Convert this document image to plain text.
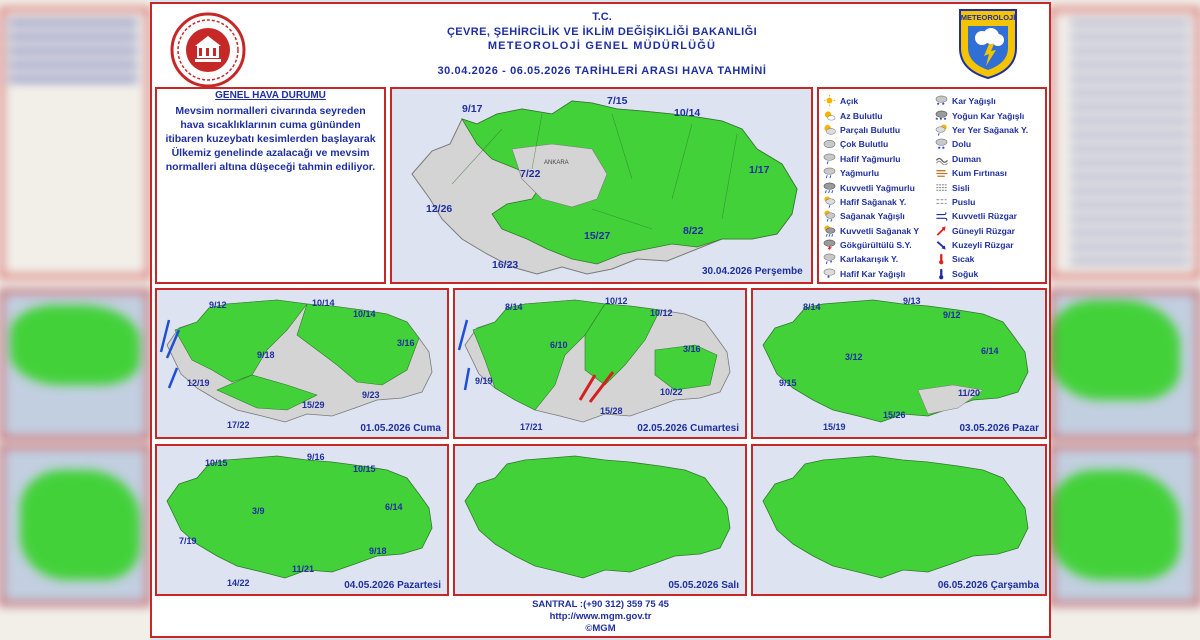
T.C.
ÇEVRE, ŞEHİRCİLİK VE İKLİM DEĞİŞİKLİĞİ BAKANLIĞI
METEOROLOJİ GENEL MÜDÜRLÜĞÜ
30.04.2026 - 06.05.2026 TARİHLERİ ARASI HAVA TAHMİNİ
METEOROLOJİ
GENEL HAVA DURUMU
Mevsim normalleri civarında seyreden hava sıcaklıklarının cuma gününden itibaren kuzeybatı kesimlerden başlayarak Ülkemiz genelinde azalacağı ve mevsim normalleri altına düşeceği tahmin ediliyor.	ANKARA
30.04.2026 Perşembe
9/17
7/15
10/14
7/22	1/17
12/26
15/27	8/22
16/23
Açık
Az Bulutlu
Parçalı Bulutlu
Çok Bulutlu
Hafif Yağmurlu
Yağmurlu
Kuvvetli Yağmurlu
Hafif Sağanak Y.
Sağanak Yağışlı
Kuvvetli Sağanak Y
Gökgürültülü S.Y.
* Karlakarışık Y.
* Hafif Kar Yağışlı
* * Kar Yağışlı
* * * Yoğun Kar Yağışlı
Yer Yer Sağanak Y.
Dolu
Duman
Kum Fırtınası
Sisli
Puslu
Kuvvetli Rüzgar
Güneyli Rüzgar
Kuzeyli Rüzgar
Sıcak
Soğuk
9/12	10/14
10/14
3/16
9/18
12/19
9/23
15/29
17/22	01.05.2026 Cuma
8/14
10/12
10/12
6/10	3/16
9/19
10/22
15/28
17/21	02.05.2026 Cumartesi
8/14
9/13
9/12
3/12
6/14
9/15
11/20
15/26
15/19	03.05.2026 Pazar
10/15
9/16
10/15
3/9	6/14
7/19
9/18
11/21
14/22	04.05.2026 Pazartesi	05.05.2026 Salı	06.05.2026 Çarşamba
SANTRAL :(+90 312) 359 75 45
http://www.mgm.gov.tr
©MGM
